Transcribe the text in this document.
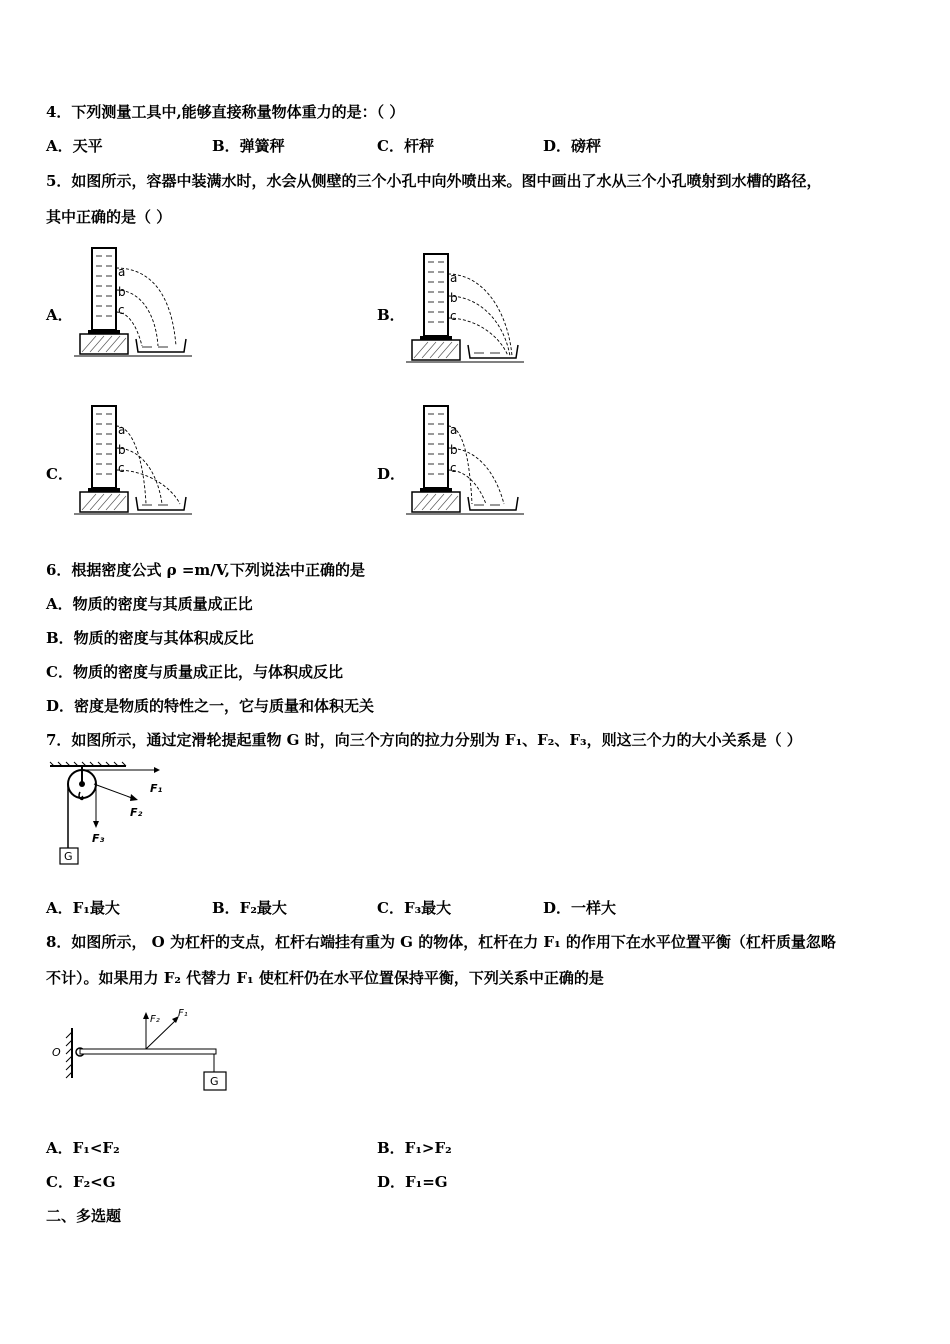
4．下列测量工具中,能够直接称量物体重力的是：（ ）
A．天平	B．弹簧秤	C．杆秤	D．磅秤
5．如图所示，容器中装满水时，水会从侧壁的三个小孔中向外喷出来。图中画出了水从三个小孔喷射到水槽的路径，
其中正确的是（ ）
A．	B．
C．	D．
a
b
c
a
b
c
a
b
c
a
b
c
6．根据密度公式 ρ =m/V,下列说法中正确的是
A．物质的密度与其质量成正比
B．物质的密度与其体积成反比
C．物质的密度与质量成正比，与体积成反比
D．密度是物质的特性之一，它与质量和体积无关
7．如图所示，通过定滑轮提起重物 G 时，向三个方向的拉力分别为 F₁、F₂、F₃，则这三个力的大小关系是（ ）
G
F₁
F₂
F₃
A．F₁最大	B．F₂最大	C．F₃最大	D．一样大
8．如图所示， O 为杠杆的支点，杠杆右端挂有重为 G 的物体，杠杆在力 F₁ 的作用下在水平位置平衡（杠杆质量忽略
不计）。如果用力 F₂ 代替力 F₁ 使杠杆仍在水平位置保持平衡，下列关系中正确的是
O
G
F₂
F₁
A．F₁<F₂	B．F₁>F₂
C．F₂<G	D．F₁=G
二、多选题
